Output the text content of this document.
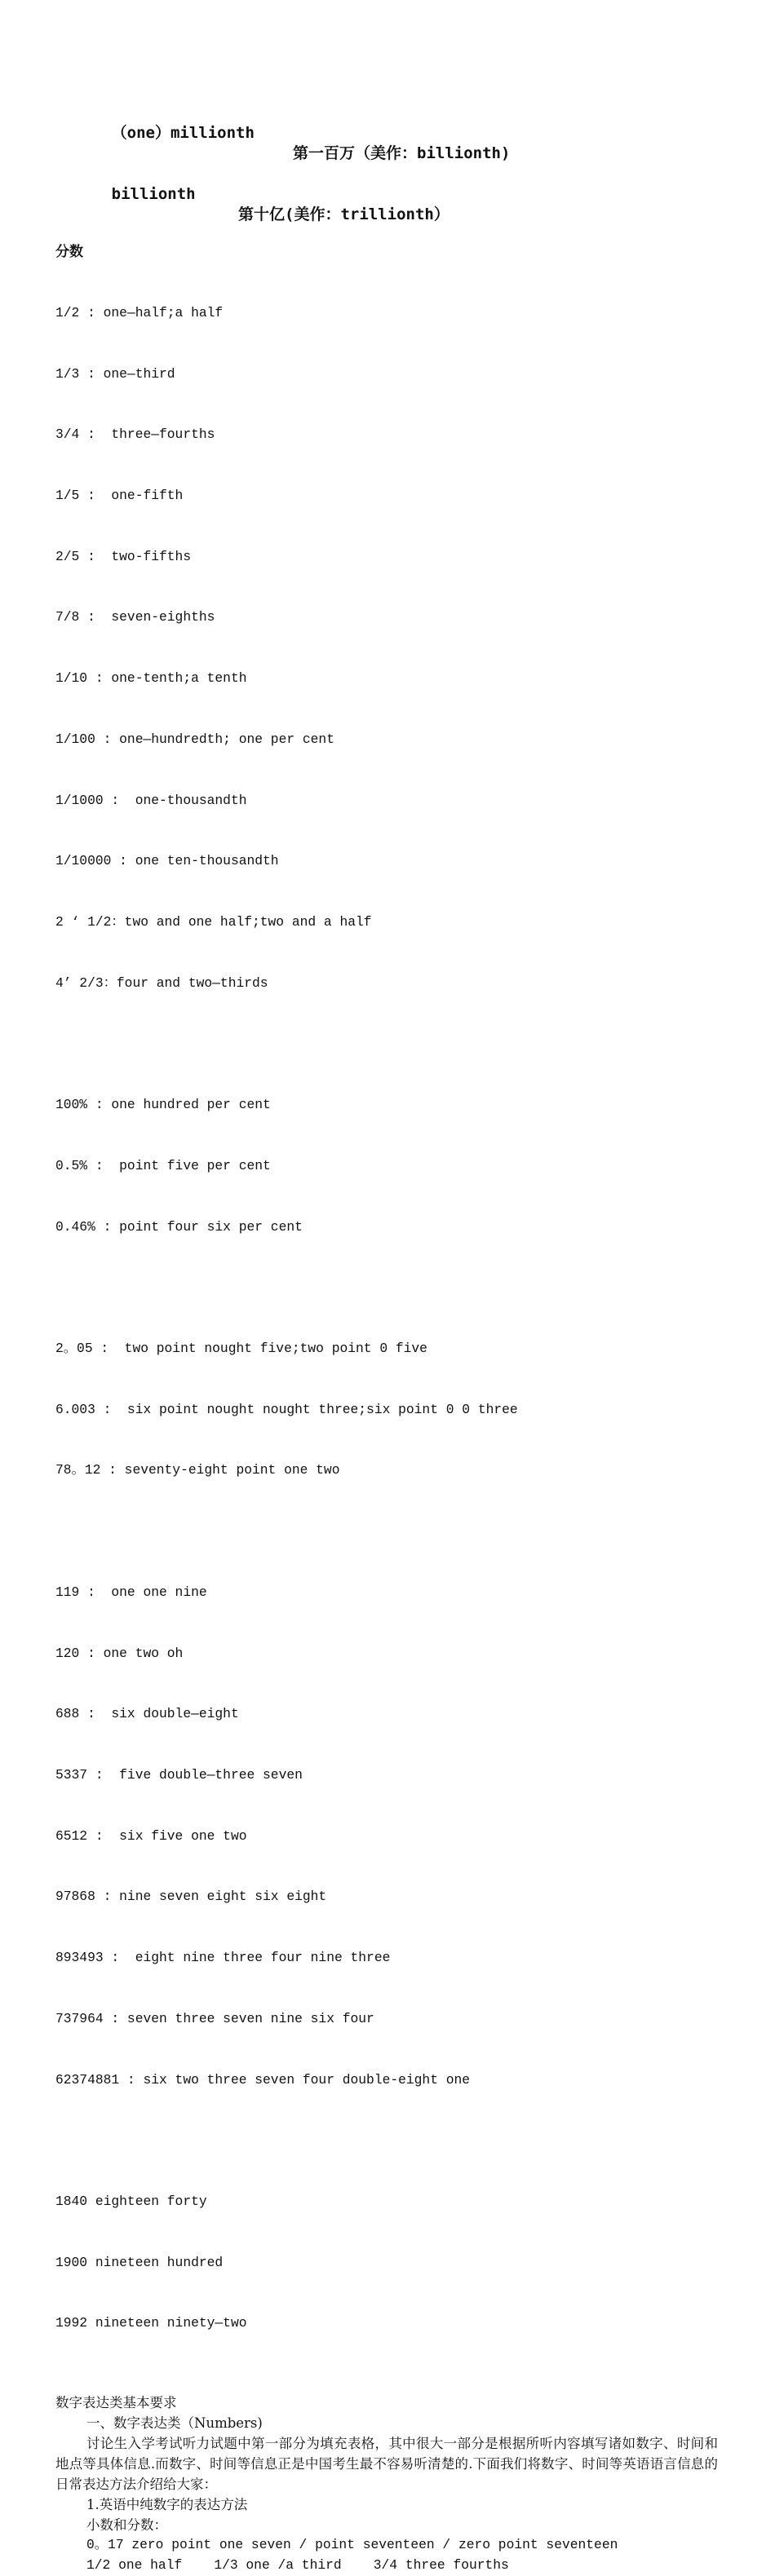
（one）millionth

第一百万（美作：billionth)

billionth

第十亿(美作：trillionth）

分数

1/2 : one—half;a half

1/3 : one—third

3/4 :  three—fourths

1/5 :  one-fifth

2/5 :  two-fifths

7/8 :  seven-eighths

1/10 : one-tenth;a tenth

1/100 : one—hundredth; one per cent

1/1000 :  one-thousandth

1/10000 : one ten-thousandth

2 ‘ 1/2：two and one half;two and a half

4’ 2/3：four and two—thirds

100% : one hundred per cent

0.5% :  point five per cent

0.46% : point four six per cent

2。05 :  two point nought five;two point 0 five

6.003 :  six point nought nought three;six point 0 0 three

78。12 : seventy-eight point one two

119 :  one one nine

120 : one two oh

688 :  six double—eight

5337 :  five double—three seven

6512 :  six five one two

97868 : nine seven eight six eight

893493 :  eight nine three four nine three

737964 : seven three seven nine six four

62374881 : six two three seven four double-eight one

1840 eighteen forty

1900 nineteen hundred

1992 nineteen ninety—two

数字表达类基本要求
一、数字表达类（Numbers)
讨论生入学考试听力试题中第一部分为填充表格，其中很大一部分是根据所听内容填写诸如数字、时间和地点等具体信息.而数字、时间等信息正是中国考生最不容易听清楚的.下面我们将数字、时间等英语语言信息的日常表达方法介绍给大家：
1.英语中纯数字的表达方法
小数和分数：
0。17 zero point one seven / point seventeen / zero point seventeen
1/2 one half    1/3 one /a third    3/4 three fourths
